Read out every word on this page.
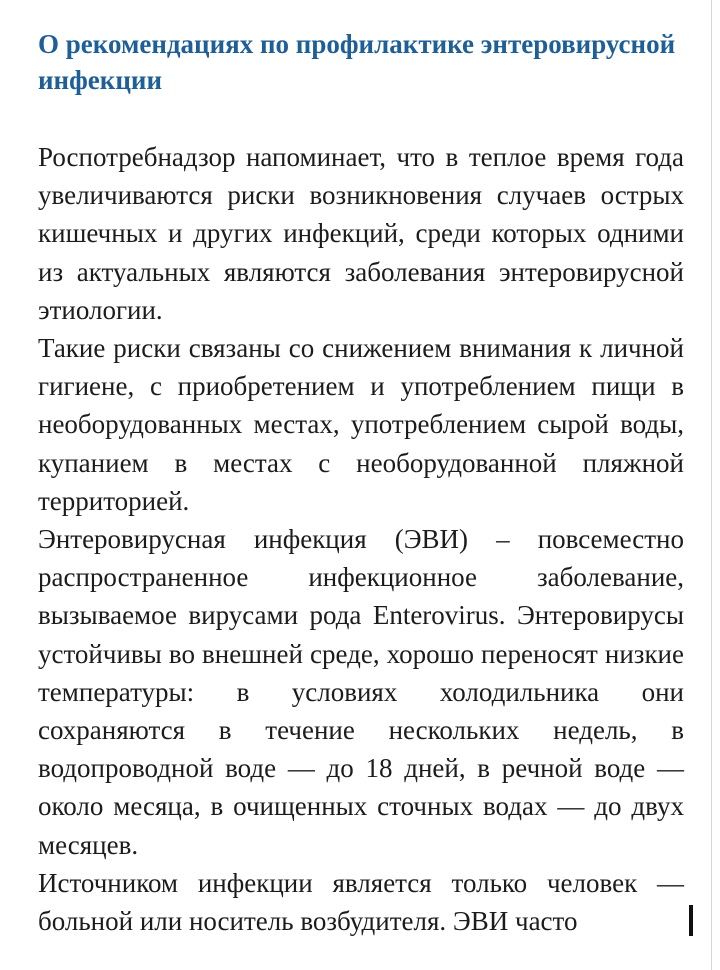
О рекомендациях по профилактике энтеровирусной инфекции

Роспотребнадзор напоминает, что в теплое время года увеличиваются риски возникновения случаев острых кишечных и других инфекций, среди которых одними из актуальных являются заболевания энтеровирусной этиологии.

Такие риски связаны со снижением внимания к личной гигиене, с приобретением и употреблением пищи в необорудованных местах, употреблением сырой воды, купанием в местах с необорудованной пляжной территорией.

Энтеровирусная инфекция (ЭВИ) – повсеместно распространенное инфекционное заболевание, вызываемое вирусами рода Enterovirus. Энтеровирусы устойчивы во внешней среде, хорошо переносят низкие температуры: в условиях холодильника они сохраняются в течение нескольких недель, в водопроводной воде — до 18 дней, в речной воде —около месяца, в очищенных сточных водах — до двух месяцев.

Источником инфекции является только человек — больной или носитель возбудителя. ЭВИ часто
